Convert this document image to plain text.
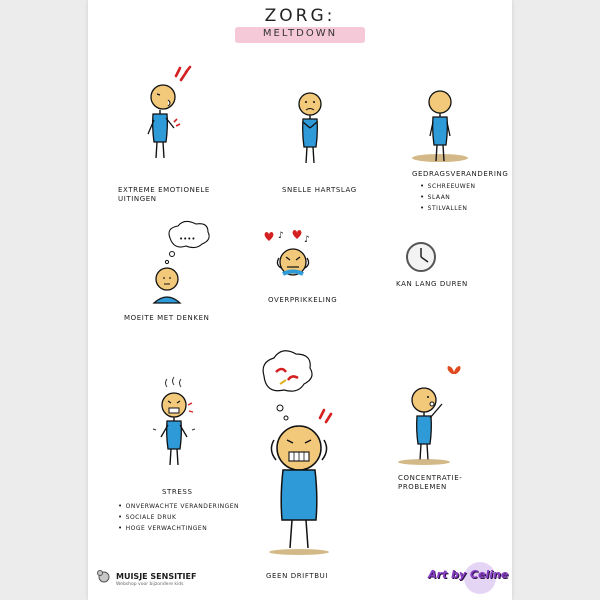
••••	♪ ♪
ZORG:

MELTDOWN

EXTREME EMOTIONELE
UITINGEN

SNELLE HARTSLAG

GEDRAGSVERANDERING

• SCHREEUWEN
• SLAAN
• STILVALLEN

MOEITE MET DENKEN

OVERPRIKKELING

KAN LANG DUREN

STRESS

• ONVERWACHTE VERANDERINGEN
• SOCIALE DRUK
• HOGE VERWACHTINGEN

GEEN DRIFTBUI

CONCENTRATIE-
PROBLEMEN

MUISJE SENSITIEF

Webshop voor bijzondere kids

Art by Celine
